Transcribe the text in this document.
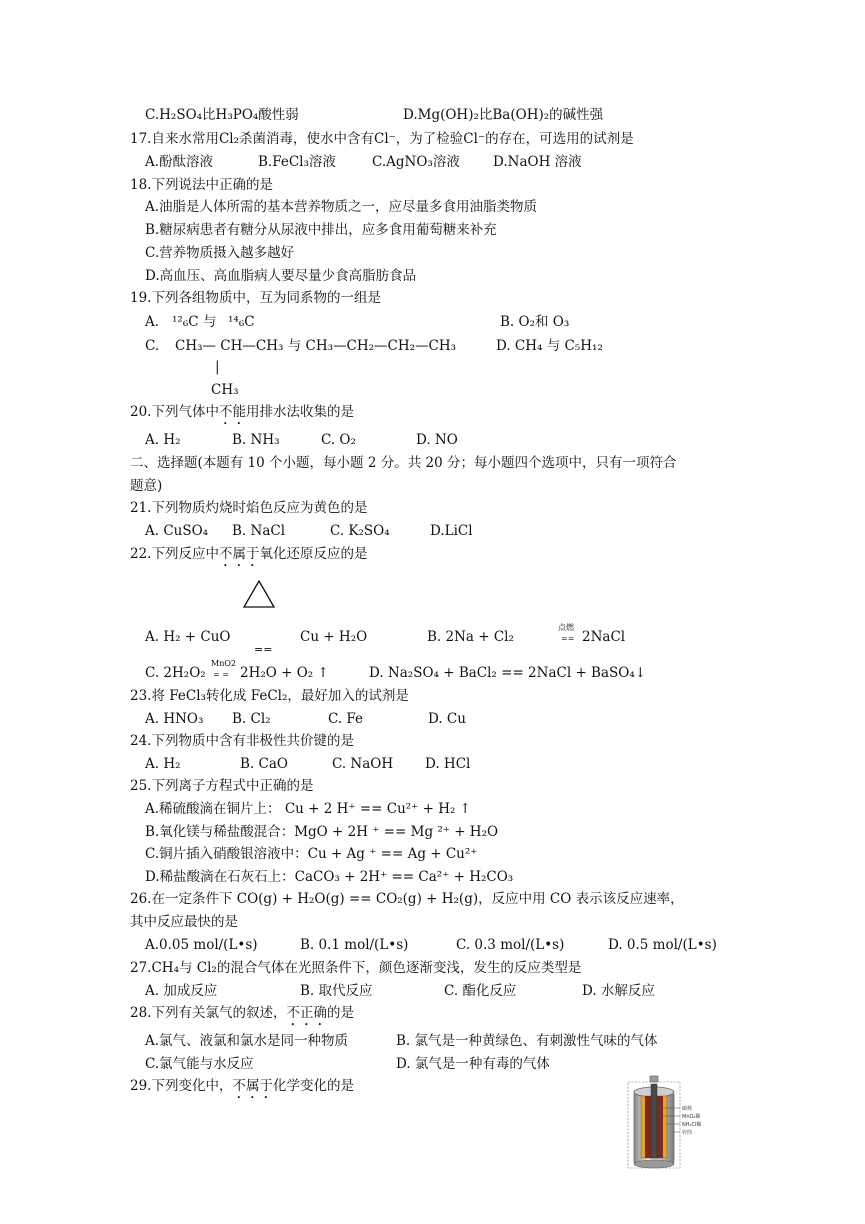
C.H₂SO₄比H₃PO₄酸性弱	D.Mg(OH)₂比Ba(OH)₂的碱性强
17.自来水常用Cl₂杀菌消毒，使水中含有Cl⁻，为了检验Cl⁻的存在，可选用的试剂是
A.酚酞溶液	B.FeCl₃溶液	C.AgNO₃溶液 D.NaOH 溶液
18.下列说法中正确的是
A.油脂是人体所需的基本营养物质之一，应尽量多食用油脂类物质
B.糖尿病患者有糖分从尿液中排出，应多食用葡萄糖来补充
C.营养物质摄入越多越好
D.高血压、高血脂病人要尽量少食高脂肪食品
19.下列各组物质中，互为同系物的一组是
A. ¹²₆C 与 ¹⁴₆C	B. O₂和 O₃
C. CH₃— CH—CH₃ 与 CH₃—CH₂—CH₂—CH₃	D. CH₄ 与 C₅H₁₂
|
CH₃
20.下列气体中不能用排水法收集的是
A. H₂	B. NH₃	C. O₂	D. NO
二、选择题(本题有 10 个小题，每小题 2 分。共 20 分；每小题四个选项中，只有一项符合
题意)
21.下列物质灼烧时焰色反应为黄色的是
A. CuSO₄ B. NaCl	C. K₂SO₄	D.LiCl
22.下列反应中不属于氧化还原反应的是
A. H₂ + CuO
==
Cu + H₂O	B. 2Na + Cl₂
点燃
== 2NaCl
C. 2H₂O₂
MnO2
= = 2H₂O + O₂ ↑	D. Na₂SO₄ + BaCl₂ == 2NaCl + BaSO₄↓
23.将 FeCl₃转化成 FeCl₂，最好加入的试剂是
A. HNO₃ B. Cl₂	C. Fe	D. Cu
24.下列物质中含有非极性共价键的是
A. H₂	B. CaO	C. NaOH D. HCl
25.下列离子方程式中正确的是
A.稀硫酸滴在铜片上： Cu + 2 H⁺ == Cu²⁺ + H₂ ↑
B.氧化镁与稀盐酸混合：MgO + 2H ⁺ == Mg ²⁺ + H₂O
C.铜片插入硝酸银溶液中：Cu + Ag ⁺ == Ag + Cu²⁺
D.稀盐酸滴在石灰石上：CaCO₃ + 2H⁺ == Ca²⁺ + H₂CO₃
26.在一定条件下 CO(g) + H₂O(g) == CO₂(g) + H₂(g)，反应中用 CO 表示该反应速率，
其中反应最快的是
A.0.05 mol/(L•s)	B. 0.1 mol/(L•s)	C. 0.3 mol/(L•s)	D. 0.5 mol/(L•s)
27.CH₄与 Cl₂的混合气体在光照条件下，颜色逐渐变浅，发生的反应类型是
A. 加成反应	B. 取代反应	C. 酯化反应	D. 水解反应
28.下列有关氯气的叙述，不正确的是
A.氯气、液氯和氯水是同一种物质	B. 氯气是一种黄绿色、有刺激性气味的气体
C.氯气能与水反应	D. 氯气是一种有毒的气体
29.下列变化中，不属于化学变化的是
碳棒
MnO₂糊
NH₄Cl糊
锌筒
